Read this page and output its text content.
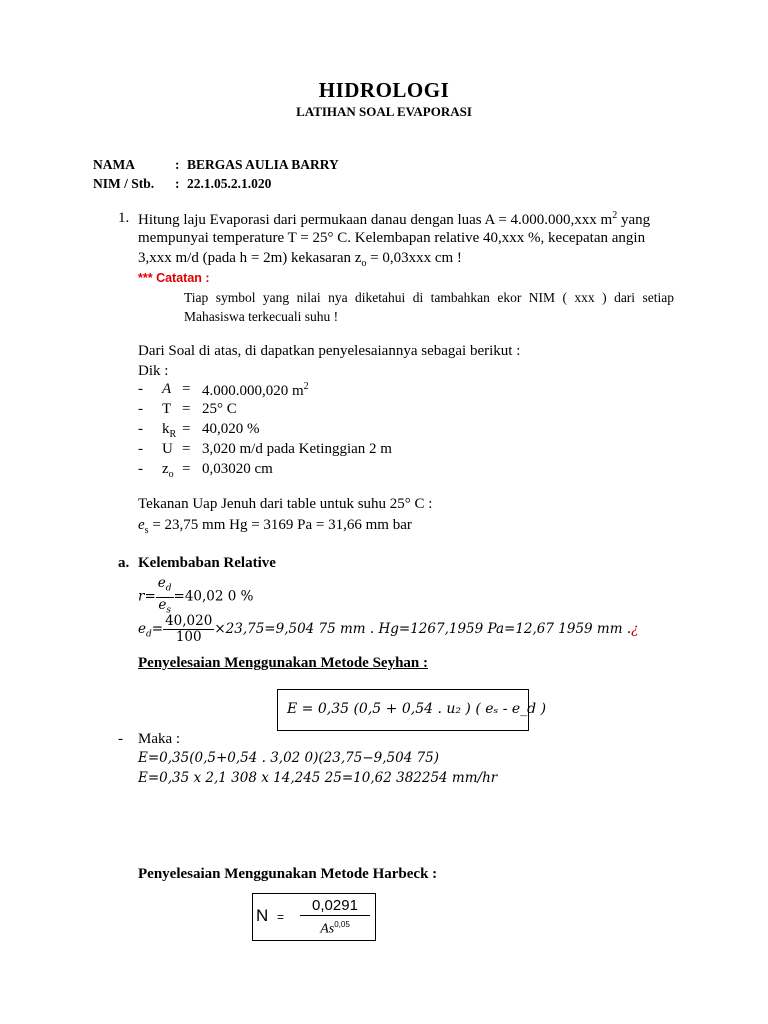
HIDROLOGI
LATIHAN SOAL EVAPORASI
NAMA	: BERGAS AULIA BARRY
NIM / Stb. : 22.1.05.2.1.020
1. Hitung laju Evaporasi dari permukaan danau dengan luas A = 4.000.000,xxx $m^2$ yang
mempunyai temperature T = 25° C. Kelembapan relative 40,xxx %, kecepatan angin
3,xxx m/d (pada h = 2m) kekasaran $z_o = 0,03xxx$ cm !
*** Catatan :
Tiap symbol yang nilai nya diketahui di tambahkan ekor NIM ( xxx ) dari setiap Mahasiswa terkecuali suhu !
Dari Soal di atas, di dapatkan penyelesaiannya sebagai berikut :
Dik :
- A = 4.000.000,020 $m^2$
- T = 25° C
- $k_R = 40,020$ %
- U = 3,020 m/d pada Ketinggian 2 m
- $z_o = 0,03020$ cm
Tekanan Uap Jenuh dari table untuk suhu 25° C :
$e_s = 23,75$ mm Hg = 3169 Pa = 31,66 mm bar
a. Kelembaban Relative
$r= \frac{e_d}{e_s} =40,02$ 0 %
$e_d= \frac{40,020}{100} \times 23,75=9,504$ 75 mm . Hg=1267,1959 Pa=12,67 1959 mm .¿
Penyelesaian Menggunakan Metode Seyhan :
E = 0,35 (0,5 + 0,54 . u₂ ) ( eₛ - e_d )
- Maka :
E=0,35(0,5+0,54 . 3,02 0)(23,75−9,504 75)
E=0,35 x 2,1 308 x 14,245 25=10,62 382254 mm/hr
Penyelesaian Menggunakan Metode Harbeck :
$N = \frac{0,0291}{As^{0,05}}$
